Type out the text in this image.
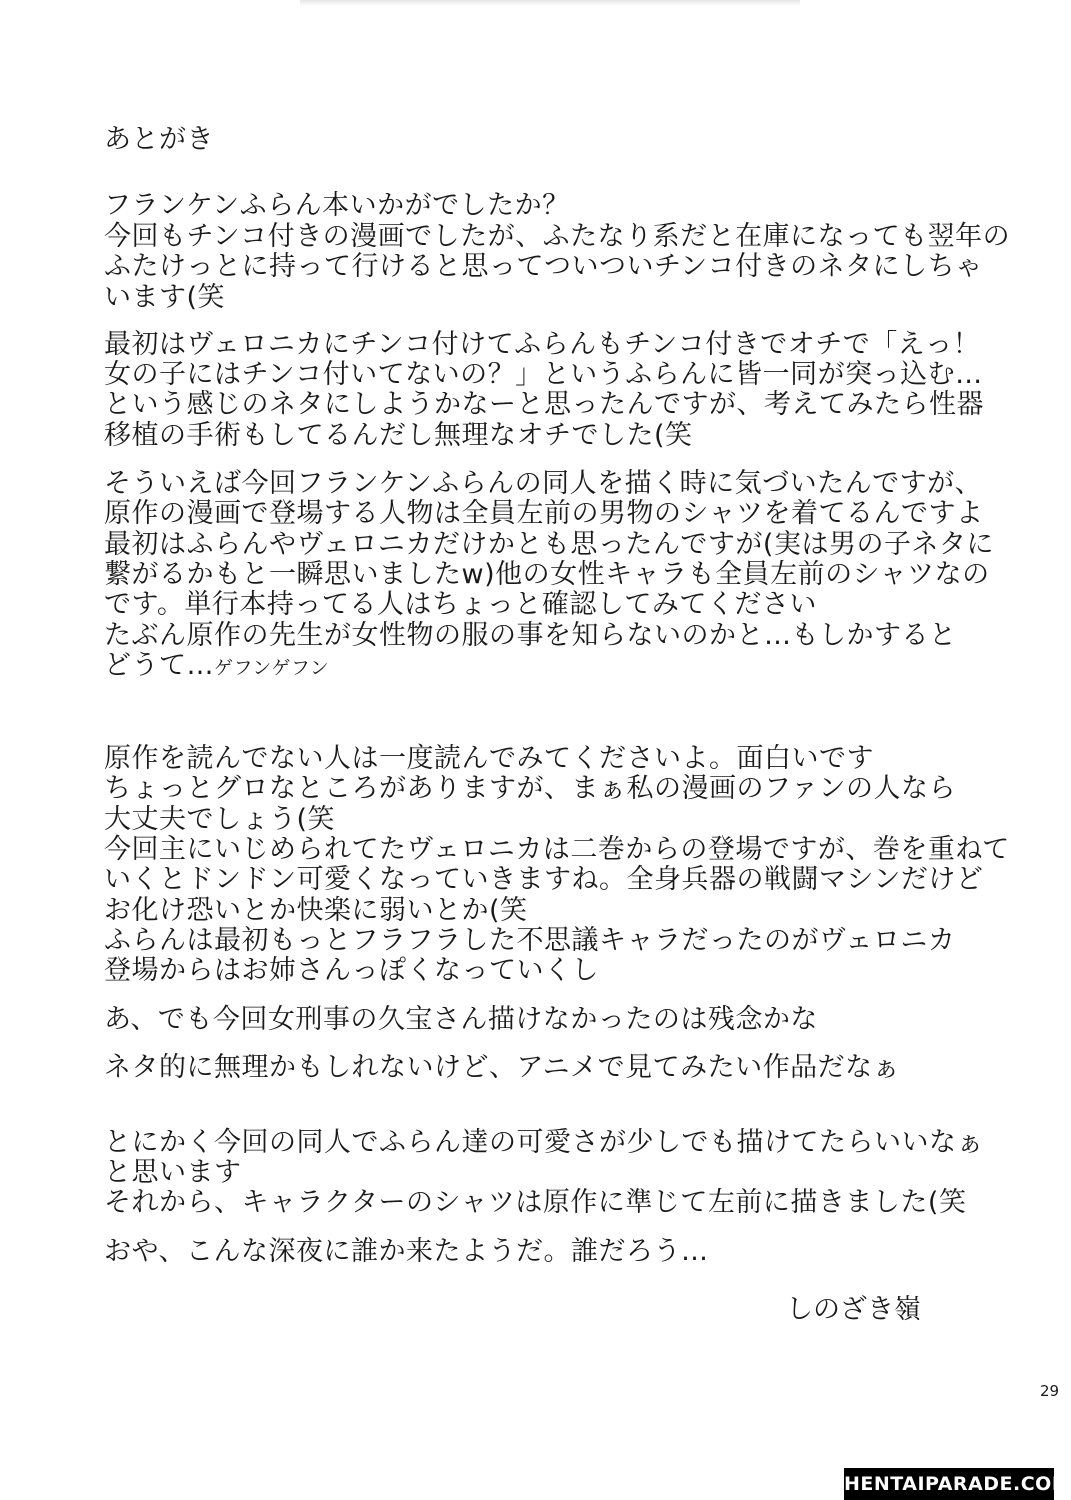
あとがき
フランケンふらん本いかがでしたか？
今回もチンコ付きの漫画でしたが、ふたなり系だと在庫になっても翌年の
ふたけっとに持って行けると思ってついついチンコ付きのネタにしちゃ
います(笑
最初はヴェロニカにチンコ付けてふらんもチンコ付きでオチで「えっ！
女の子にはチンコ付いてないの？」というふらんに皆一同が突っ込む…
という感じのネタにしようかなーと思ったんですが、考えてみたら性器
移植の手術もしてるんだし無理なオチでした(笑
そういえば今回フランケンふらんの同人を描く時に気づいたんですが、
原作の漫画で登場する人物は全員左前の男物のシャツを着てるんですよ
最初はふらんやヴェロニカだけかとも思ったんですが(実は男の子ネタに
繋がるかもと一瞬思いましたw)他の女性キャラも全員左前のシャツなの
です。単行本持ってる人はちょっと確認してみてください
たぶん原作の先生が女性物の服の事を知らないのかと…もしかすると
どうて…ゲフンゲフン
原作を読んでない人は一度読んでみてくださいよ。面白いです
ちょっとグロなところがありますが、まぁ私の漫画のファンの人なら
大丈夫でしょう(笑
今回主にいじめられてたヴェロニカは二巻からの登場ですが、巻を重ねて
いくとドンドン可愛くなっていきますね。全身兵器の戦闘マシンだけど
お化け恐いとか快楽に弱いとか(笑
ふらんは最初もっとフラフラした不思議キャラだったのがヴェロニカ
登場からはお姉さんっぽくなっていくし
あ、でも今回女刑事の久宝さん描けなかったのは残念かな
ネタ的に無理かもしれないけど、アニメで見てみたい作品だなぁ
とにかく今回の同人でふらん達の可愛さが少しでも描けてたらいいなぁ
と思います
それから、キャラクターのシャツは原作に準じて左前に描きました(笑
おや、こんな深夜に誰か来たようだ。誰だろう…
しのざき嶺
29
HENTAIPARADE.COM
